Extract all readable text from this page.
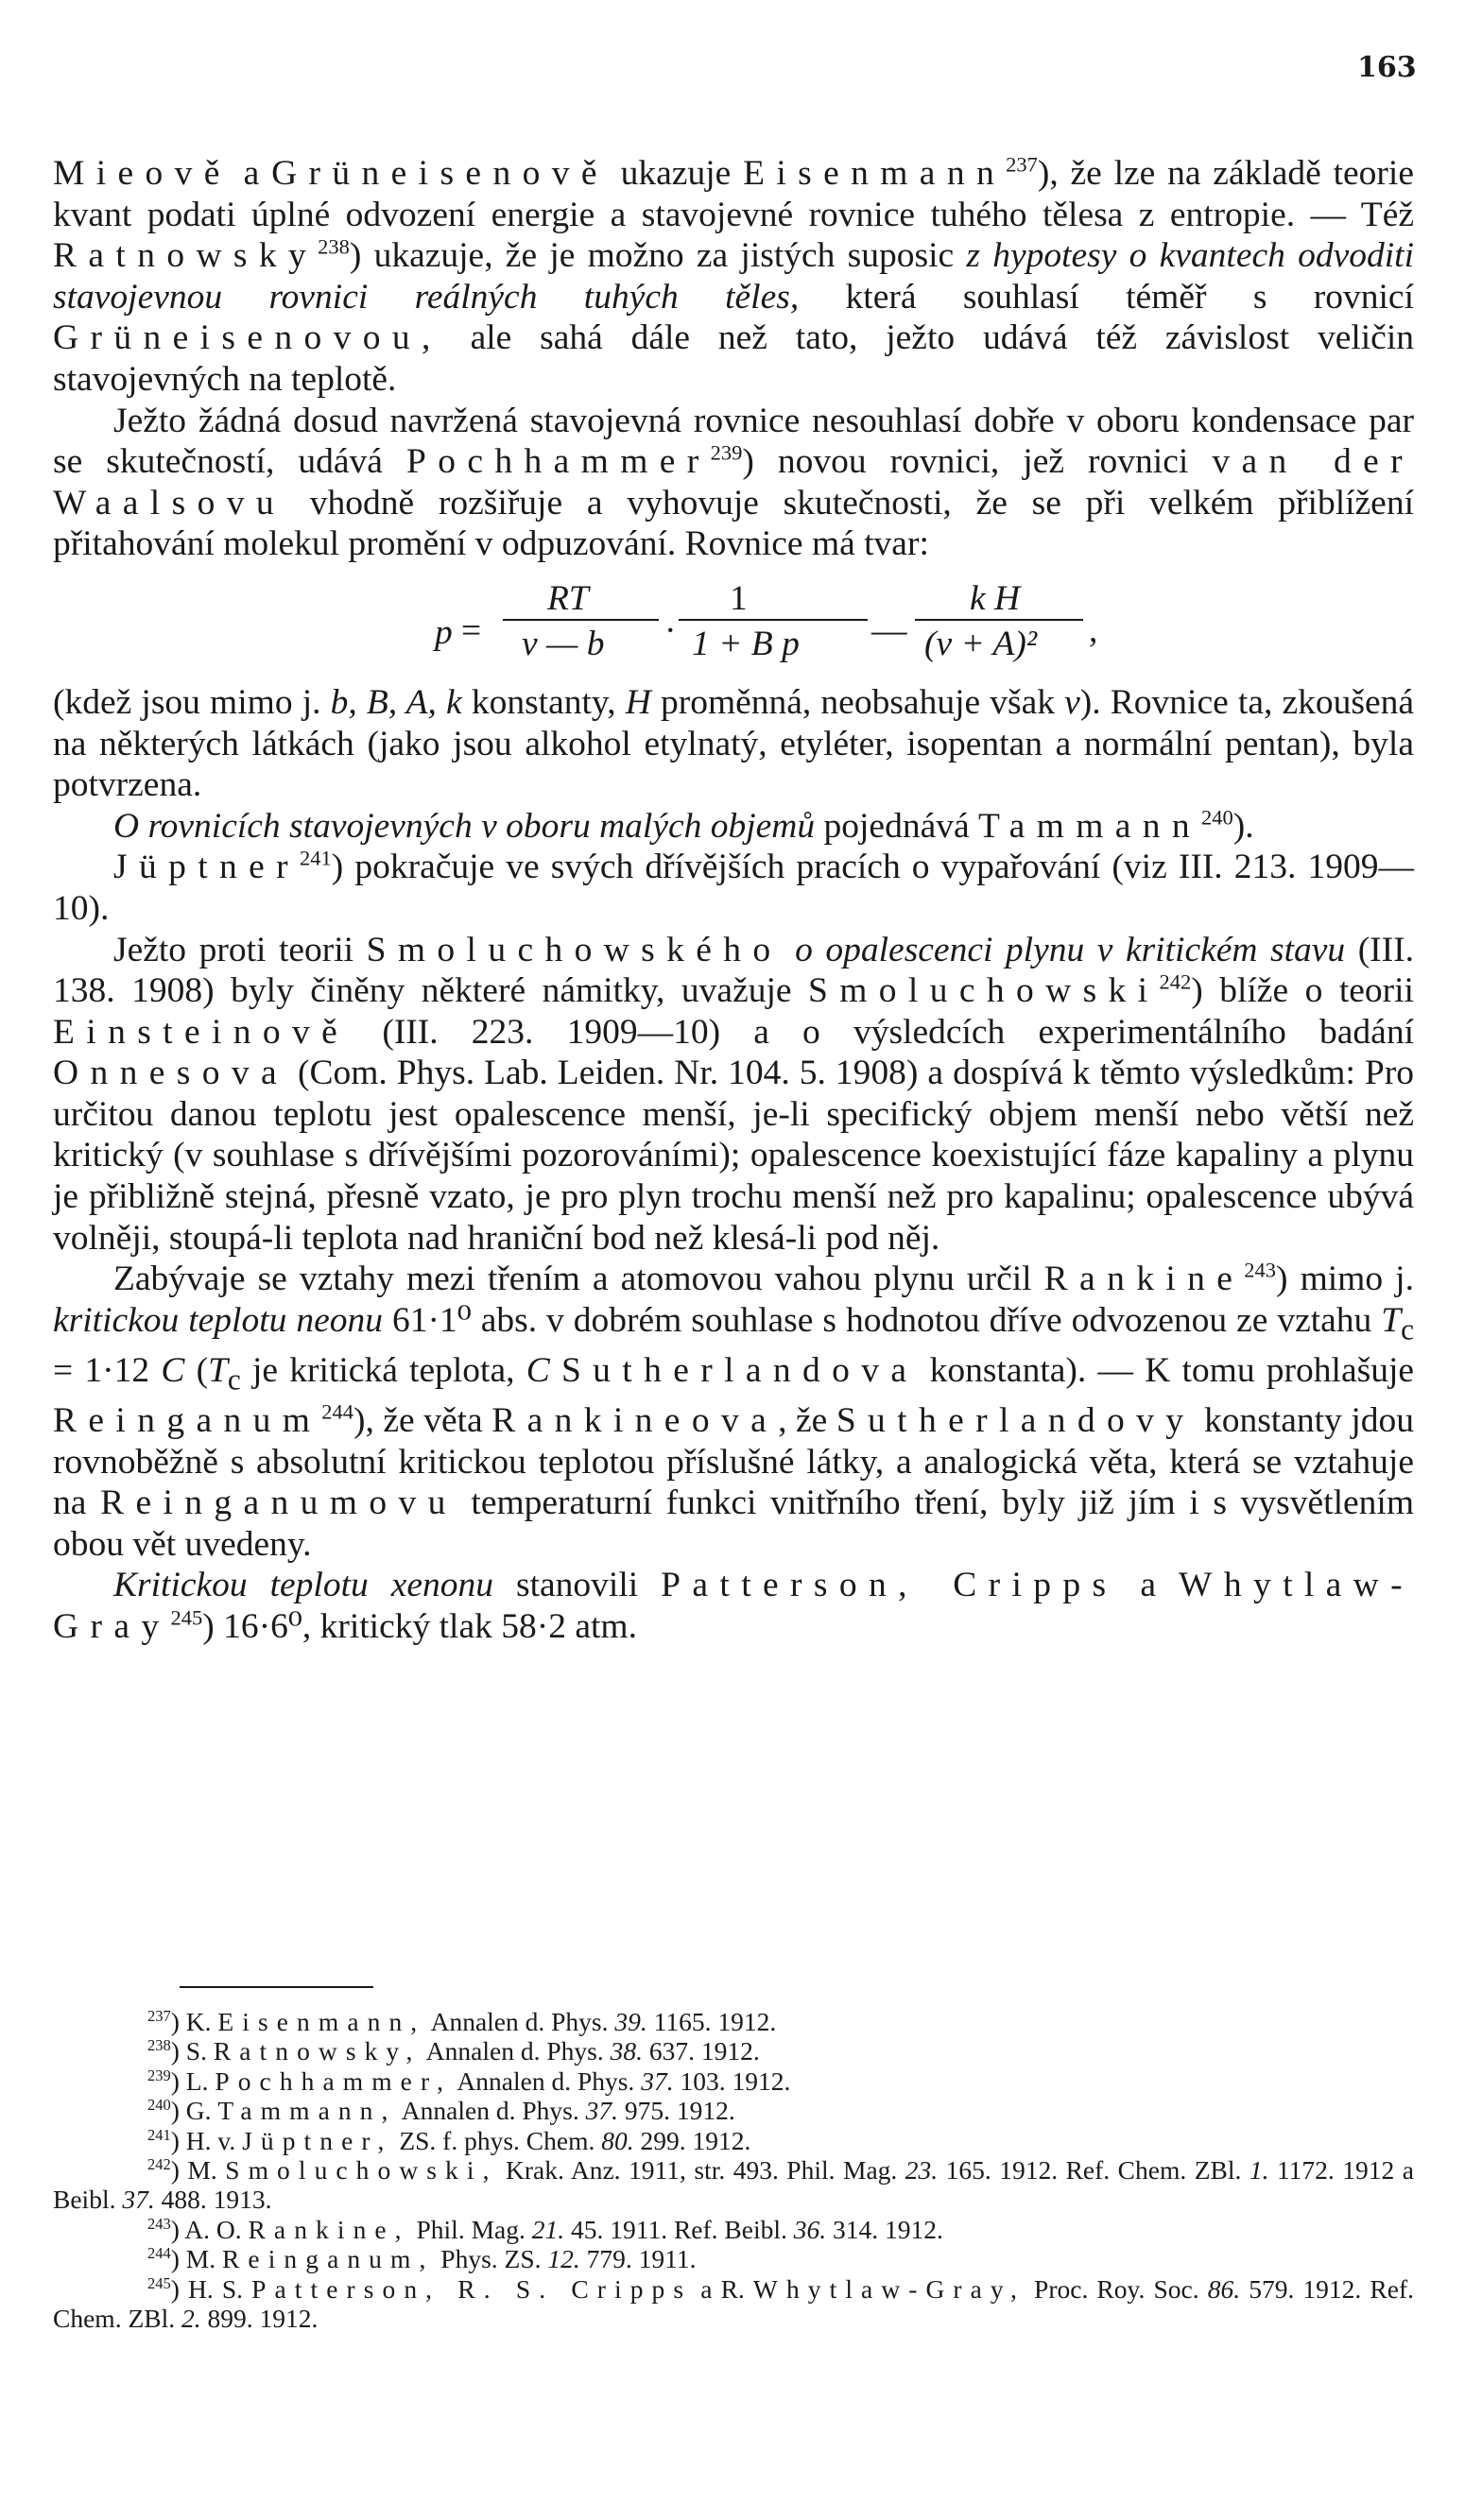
163

Mieově a Grüneisenově ukazuje Eisenmann$^{237}$), že lze na základě teorie kvant podati úplné odvození energie a stavojevné rovnice tuhého tělesa z entropie. — Též Ratnowsky$^{238}$) ukazuje, že je možno za jistých suposic z hypotesy o kvantech odvoditi stavojevnou rovnici reálných tuhých těles, která souhlasí téměř s rovnicí Grüneisenovou, ale sahá dále než tato, ježto udává též závislost veličin stavojevných na teplotě.

Ježto žádná dosud navržená stavojevná rovnice nesouhlasí dobře v oboru kondensace par se skutečností, udává Pochhammer$^{239}$) novou rovnici, jež rovnici van der Waalsovu vhodně rozšiřuje a vyhovuje skutečnosti, že se při velkém přiblížení přitahování molekul promění v odpuzování. Rovnice má tvar:

p =
RT
v — b ·
1
1 + B p —
k H
(v + A)² ,

(kdež jsou mimo j. b, B, A, k konstanty, H proměnná, neobsahuje však v). Rovnice ta, zkoušená na některých látkách (jako jsou alkohol etylnatý, etyléter, isopentan a normální pentan), byla potvrzena.

O rovnicích stavojevných v oboru malých objemů pojednává Tammann$^{240}$).

Jüptner$^{241}$) pokračuje ve svých dřívějších pracích o vypařování (viz III. 213. 1909—10).

Ježto proti teorii Smoluchowského o opalescenci plynu v kritickém stavu (III. 138. 1908) byly činěny některé námitky, uvažuje Smoluchowski$^{242}$) blíže o teorii Einsteinově (III. 223. 1909—10) a o výsledcích experimentálního badání Onnesova (Com. Phys. Lab. Leiden. Nr. 104. 5. 1908) a dospívá k těmto výsledkům: Pro určitou danou teplotu jest opalescence menší, je-li specifický objem menší nebo větší než kritický (v souhlase s dřívějšími pozorováními); opalescence koexistující fáze kapaliny a plynu je přibližně stejná, přesně vzato, je pro plyn trochu menší než pro kapalinu; opalescence ubývá volněji, stoupá-li teplota nad hraniční bod než klesá-li pod něj.

Zabývaje se vztahy mezi třením a atomovou vahou plynu určil Rankine$^{243}$) mimo j. kritickou teplotu neonu 61·1⁰ abs. v dobrém souhlase s hodnotou dříve odvozenou ze vztahu $T_c = 1\cdot 12$ C ($T_c$ je kritická teplota, C Sutherlandova konstanta). — K tomu prohlašuje Reinganum$^{244}$), že věta Rankineova, že Sutherlandovy konstanty jdou rovnoběžně s absolutní kritickou teplotou příslušné látky, a analogická věta, která se vztahuje na Reinganumovu temperaturní funkci vnitřního tření, byly již jím i s vysvětlením obou vět uvedeny.

Kritickou teplotu xenonu stanovili Patterson, Cripps a Whytlaw-Gray$^{245}$) 16·6⁰, kritický tlak 58·2 atm.

$^{237}$) K. Eisenmann, Annalen d. Phys. 39. 1165. 1912.
$^{238}$) S. Ratnowsky, Annalen d. Phys. 38. 637. 1912.
$^{239}$) L. Pochhammer, Annalen d. Phys. 37. 103. 1912.
$^{240}$) G. Tammann, Annalen d. Phys. 37. 975. 1912.
$^{241}$) H. v. Jüptner, ZS. f. phys. Chem. 80. 299. 1912.
$^{242}$) M. Smoluchowski, Krak. Anz. 1911, str. 493. Phil. Mag. 23. 165. 1912. Ref. Chem. ZBl. 1. 1172. 1912 a Beibl. 37. 488. 1913.
$^{243}$) A. O. Rankine, Phil. Mag. 21. 45. 1911. Ref. Beibl. 36. 314. 1912.
$^{244}$) M. Reinganum, Phys. ZS. 12. 779. 1911.
$^{245}$) H. S. Patterson, R. S. Cripps a R. Whytlaw-Gray, Proc. Roy. Soc. 86. 579. 1912. Ref. Chem. ZBl. 2. 899. 1912.
